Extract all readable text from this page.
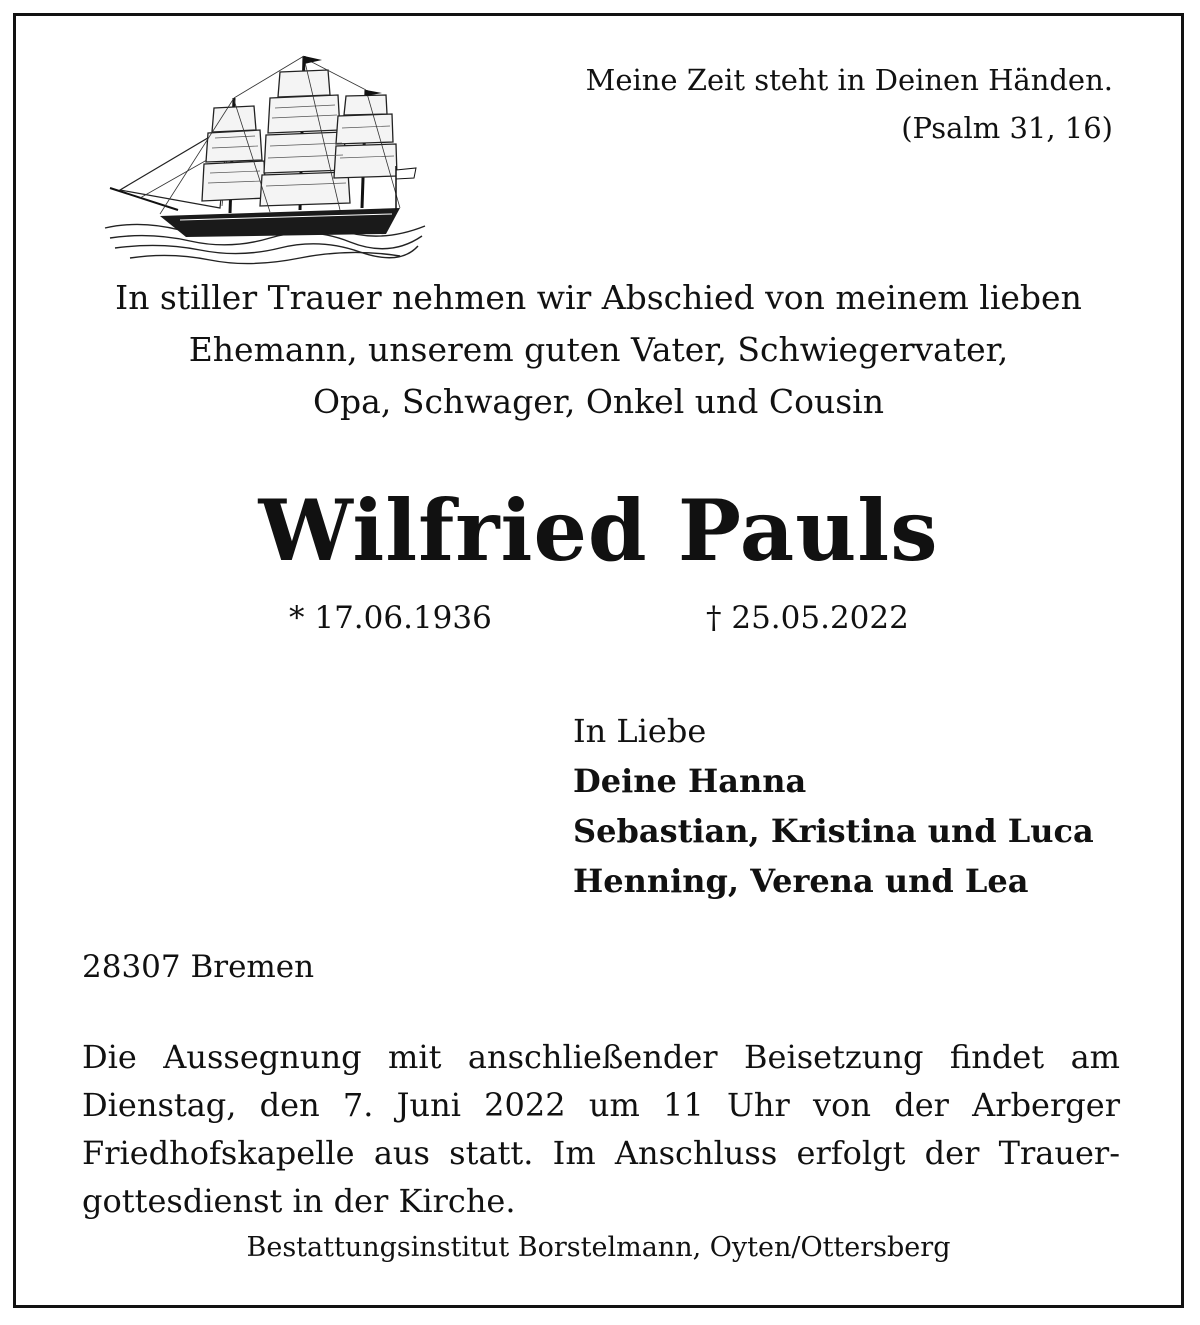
Meine Zeit steht in Deinen Händen.
(Psalm 31, 16)
In stiller Trauer nehmen wir Abschied von meinem lieben
Ehemann, unserem guten Vater, Schwiegervater,
Opa, Schwager, Onkel und Cousin
Wilfried Pauls
* 17.06.1936	† 25.05.2022
In Liebe
Deine Hanna
Sebastian, Kristina und Luca
Henning, Verena und Lea
28307 Bremen
Die Aussegnung mit anschließender Beisetzung findet am Dienstag, den 7. Juni 2022 um 11 Uhr von der Arberger Friedhofskapelle aus statt. Im Anschluss erfolgt der Trauer-gottesdienst in der Kirche.
Bestattungsinstitut Borstelmann, Oyten/Ottersberg
